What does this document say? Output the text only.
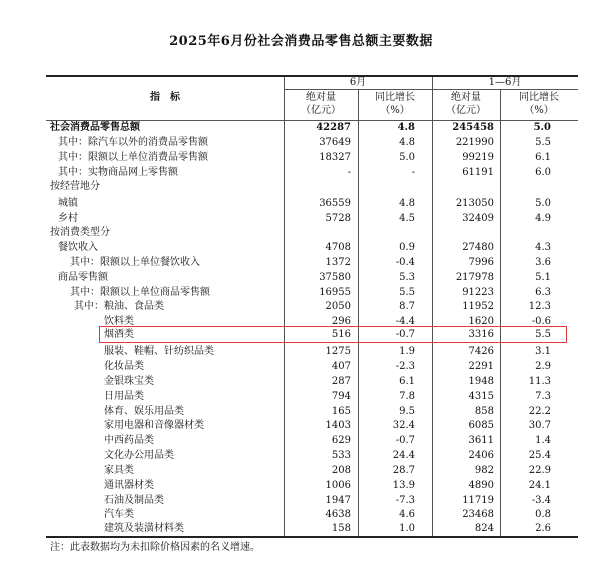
2025年6月份社会消费品零售总额主要数据
指　标
6月	1—6月
绝对量
（亿元）
同比增长
（%）
绝对量
（亿元）
同比增长
（%）
社会消费品零售总额	42287	4.8	245458	5.0
其中：除汽车以外的消费品零售额	37649	4.8	221990	5.5
其中：限额以上单位消费品零售额	18327	5.0	99219	6.1
其中：实物商品网上零售额	-	-	61191	6.0
按经营地分
城镇	36559	4.8	213050	5.0
乡村	5728	4.5	32409	4.9
按消费类型分
餐饮收入	4708	0.9	27480	4.3
其中：限额以上单位餐饮收入	1372	-0.4	7996	3.6
商品零售额	37580	5.3	217978	5.1
其中：限额以上单位商品零售额	16955	5.5	91223	6.3
其中：粮油、食品类	2050	8.7	11952	12.3
饮料类	296	-4.4	1620	-0.6
烟酒类	516	-0.7	3316	5.5
服装、鞋帽、针纺织品类	1275	1.9	7426	3.1
化妆品类	407	-2.3	2291	2.9
金银珠宝类	287	6.1	1948	11.3
日用品类	794	7.8	4315	7.3
体育、娱乐用品类	165	9.5	858	22.2
家用电器和音像器材类	1403	32.4	6085	30.7
中西药品类	629	-0.7	3611	1.4
文化办公用品类	533	24.4	2406	25.4
家具类	208	28.7	982	22.9
通讯器材类	1006	13.9	4890	24.1
石油及制品类	1947	-7.3	11719	-3.4
汽车类	4638	4.6	23468	0.8
建筑及装潢材料类	158	1.0	824	2.6
注：此表数据均为未扣除价格因素的名义增速。
